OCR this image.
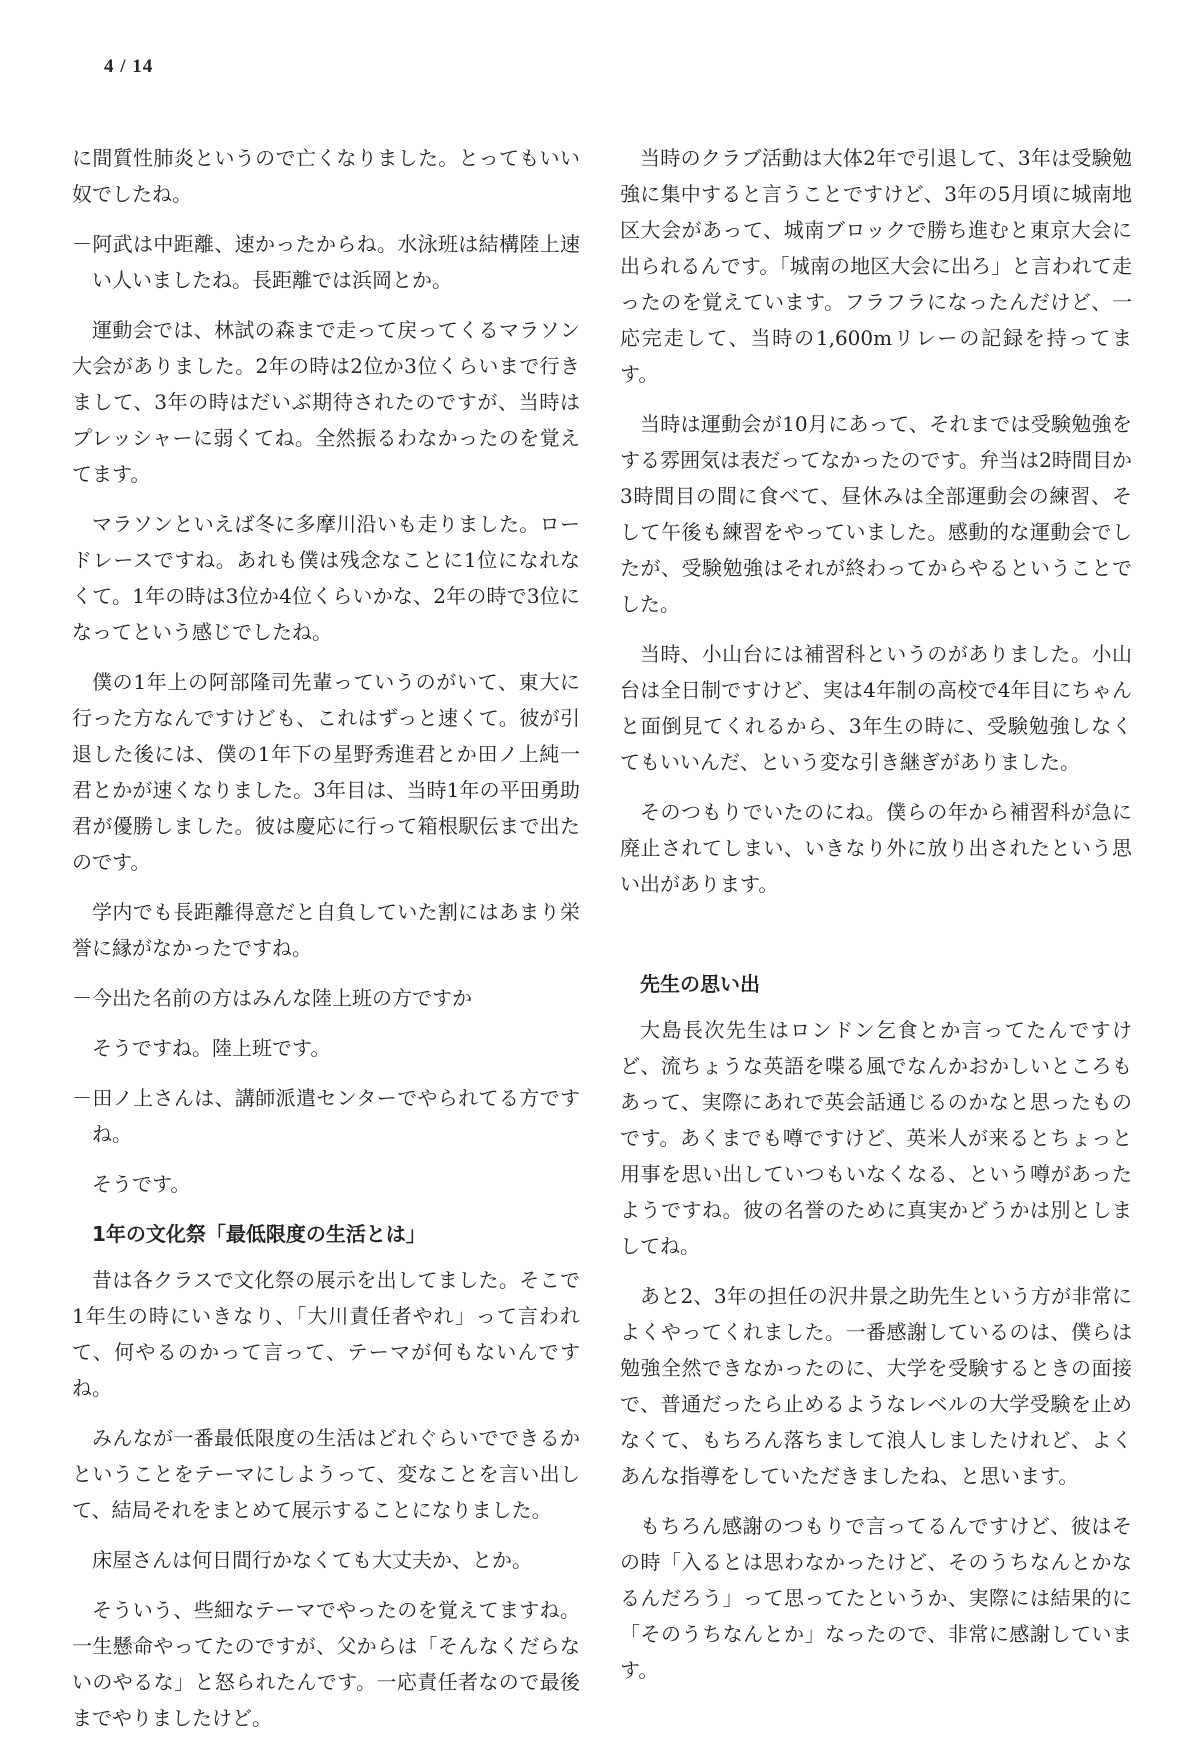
4 / 14

に間質性肺炎というので亡くなりました。とってもいい奴でしたね。

－阿武は中距離、速かったからね。水泳班は結構陸上速い人いましたね。長距離では浜岡とか。

運動会では、林試の森まで走って戻ってくるマラソン大会がありました。2年の時は2位か3位くらいまで行きまして、3年の時はだいぶ期待されたのですが、当時はプレッシャーに弱くてね。全然振るわなかったのを覚えてます。

マラソンといえば冬に多摩川沿いも走りました。ロードレースですね。あれも僕は残念なことに1位になれなくて。1年の時は3位か4位くらいかな、2年の時で3位になってという感じでしたね。

僕の1年上の阿部隆司先輩っていうのがいて、東大に行った方なんですけども、これはずっと速くて。彼が引退した後には、僕の1年下の星野秀進君とか田ノ上純一君とかが速くなりました。3年目は、当時1年の平田勇助君が優勝しました。彼は慶応に行って箱根駅伝まで出たのです。

学内でも長距離得意だと自負していた割にはあまり栄誉に縁がなかったですね。

－今出た名前の方はみんな陸上班の方ですか

そうですね。陸上班です。

－田ノ上さんは、講師派遣センターでやられてる方ですね。

そうです。

1年の文化祭「最低限度の生活とは」

昔は各クラスで文化祭の展示を出してました。そこで1年生の時にいきなり、「大川責任者やれ」って言われて、何やるのかって言って、テーマが何もないんですね。

みんなが一番最低限度の生活はどれぐらいでできるかということをテーマにしようって、変なことを言い出して、結局それをまとめて展示することになりました。

床屋さんは何日間行かなくても大丈夫か、とか。

そういう、些細なテーマでやったのを覚えてますね。一生懸命やってたのですが、父からは「そんなくだらないのやるな」と怒られたんです。一応責任者なので最後までやりましたけど。

当時のクラブ活動は大体2年で引退して、3年は受験勉強に集中すると言うことですけど、3年の5月頃に城南地区大会があって、城南ブロックで勝ち進むと東京大会に出られるんです。「城南の地区大会に出ろ」と言われて走ったのを覚えています。フラフラになったんだけど、一応完走して、当時の1,600mリレーの記録を持ってます。

当時は運動会が10月にあって、それまでは受験勉強をする雰囲気は表だってなかったのです。弁当は2時間目か3時間目の間に食べて、昼休みは全部運動会の練習、そして午後も練習をやっていました。感動的な運動会でしたが、受験勉強はそれが終わってからやるということでした。

当時、小山台には補習科というのがありました。小山台は全日制ですけど、実は4年制の高校で4年目にちゃんと面倒見てくれるから、3年生の時に、受験勉強しなくてもいいんだ、という変な引き継ぎがありました。

そのつもりでいたのにね。僕らの年から補習科が急に廃止されてしまい、いきなり外に放り出されたという思い出があります。

先生の思い出

大島長次先生はロンドン乞食とか言ってたんですけど、流ちょうな英語を喋る風でなんかおかしいところもあって、実際にあれで英会話通じるのかなと思ったものです。あくまでも噂ですけど、英米人が来るとちょっと用事を思い出していつもいなくなる、という噂があったようですね。彼の名誉のために真実かどうかは別としましてね。

あと2、3年の担任の沢井景之助先生という方が非常によくやってくれました。一番感謝しているのは、僕らは勉強全然できなかったのに、大学を受験するときの面接で、普通だったら止めるようなレベルの大学受験を止めなくて、もちろん落ちまして浪人しましたけれど、よくあんな指導をしていただきましたね、と思います。

もちろん感謝のつもりで言ってるんですけど、彼はその時「入るとは思わなかったけど、そのうちなんとかなるんだろう」って思ってたというか、実際には結果的に「そのうちなんとか」なったので、非常に感謝しています。
